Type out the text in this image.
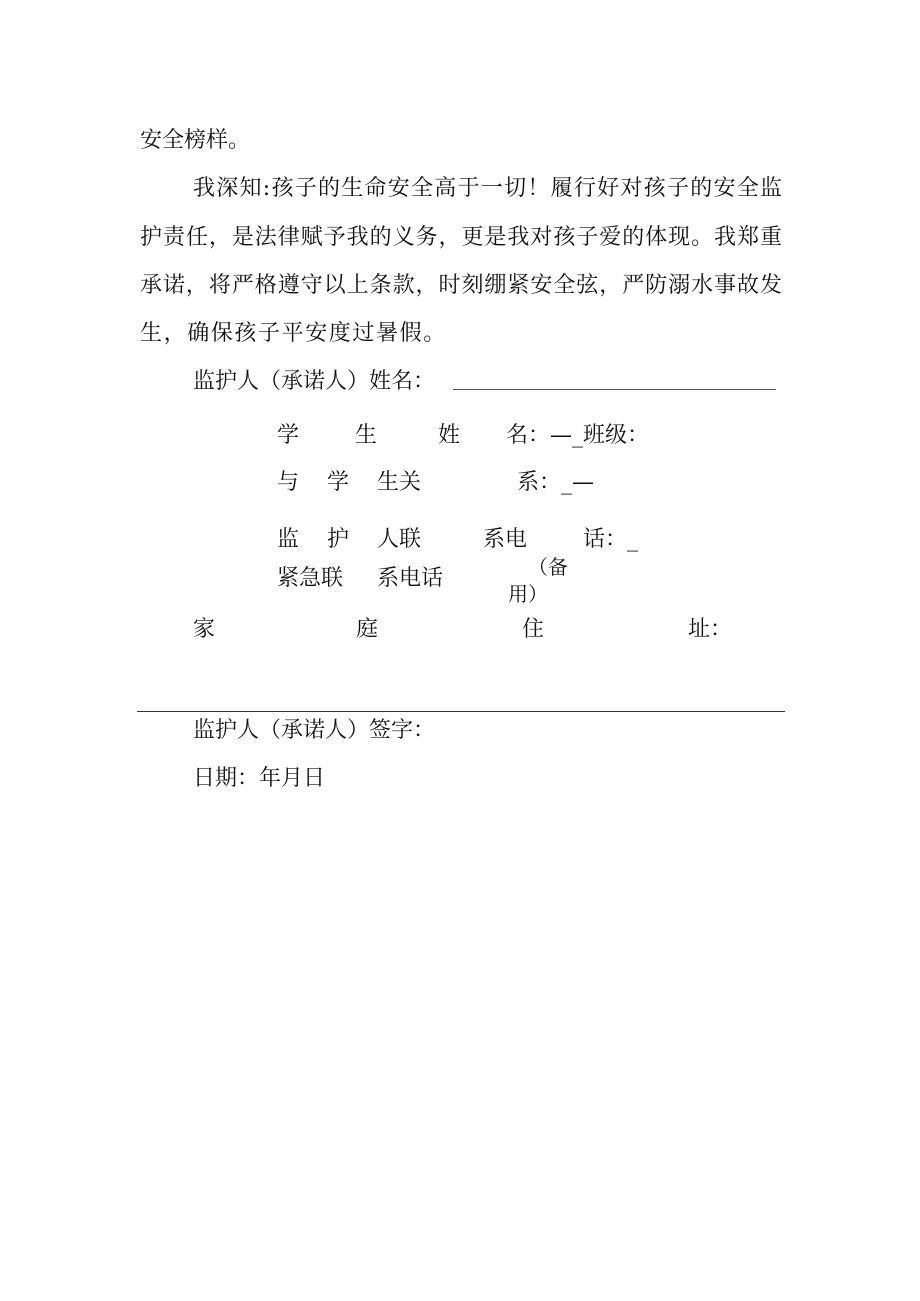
安全榜样。
我深知:孩子的生命安全高于一切！履行好对孩子的安全监
护责任，是法律赋予我的义务，更是我对孩子爱的体现。我郑重
承诺，将严格遵守以上条款，时刻绷紧安全弦，严防溺水事故发
生，确保孩子平安度过暑假。
监护人（承诺人）姓名：
学	生	姓 名：—_班级：
与 学 生关	系：_—
监 护 人联	系电	话：_
紧急联 系电话	（备
用）
家	庭	住	址：
监护人（承诺人）签字：
日期：年月日
